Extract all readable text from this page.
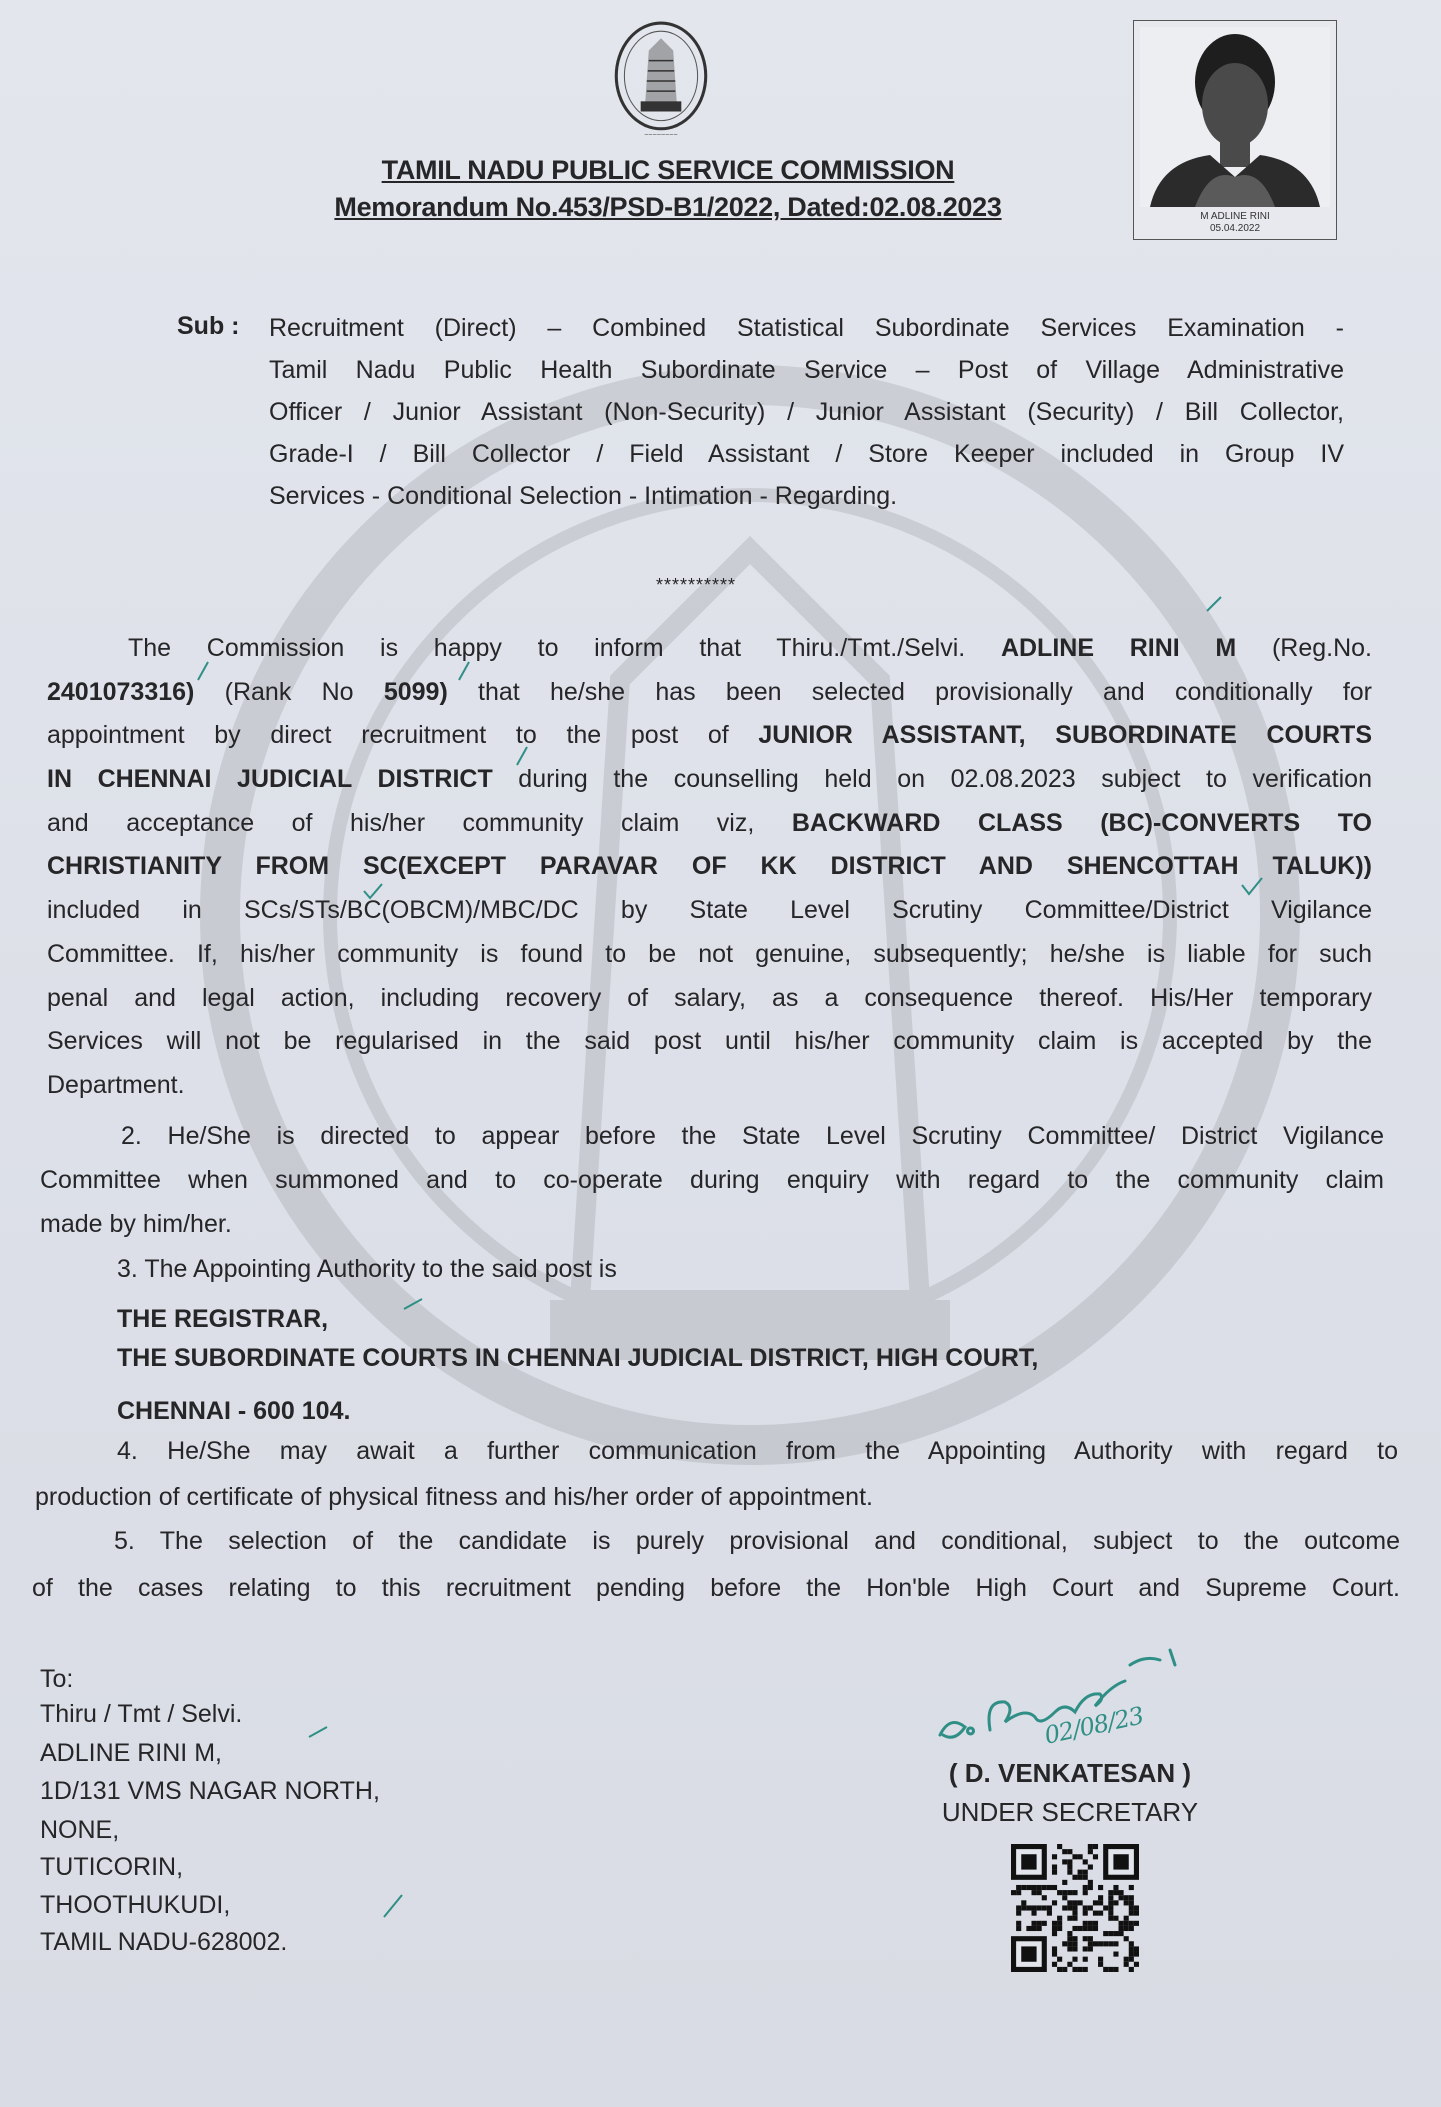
~~~~~~~~
TAMIL NADU PUBLIC SERVICE COMMISSION
Memorandum No.453/PSD-B1/2022, Dated:02.08.2023	M ADLINE RINI
05.04.2022
Sub : Recruitment (Direct) – Combined Statistical Subordinate Services Examination -
Tamil Nadu Public Health Subordinate Service – Post of Village Administrative
Officer / Junior Assistant (Non-Security) / Junior Assistant (Security) / Bill Collector,
Grade-I / Bill Collector / Field Assistant / Store Keeper included in Group IV
Services - Conditional Selection - Intimation - Regarding.
**********
The Commission is happy to inform that Thiru./Tmt./Selvi. ADLINE RINI M (Reg.No.
2401073316) (Rank No 5099) that he/she has been selected provisionally and conditionally for
appointment by direct recruitment to the post of JUNIOR ASSISTANT, SUBORDINATE COURTS
IN CHENNAI JUDICIAL DISTRICT during the counselling held on 02.08.2023 subject to verification
and acceptance of his/her community claim viz, BACKWARD CLASS (BC)-CONVERTS TO
CHRISTIANITY FROM SC(EXCEPT PARAVAR OF KK DISTRICT AND SHENCOTTAH TALUK))
included in SCs/STs/BC(OBCM)/MBC/DC by State Level Scrutiny Committee/District Vigilance
Committee. If, his/her community is found to be not genuine, subsequently; he/she is liable for such
penal and legal action, including recovery of salary, as a consequence thereof. His/Her temporary
Services will not be regularised in the said post until his/her community claim is accepted by the
Department.
2. He/She is directed to appear before the State Level Scrutiny Committee/ District Vigilance
Committee when summoned and to co-operate during enquiry with regard to the community claim
made by him/her.
3. The Appointing Authority to the said post is
THE REGISTRAR,
THE SUBORDINATE COURTS IN CHENNAI JUDICIAL DISTRICT, HIGH COURT,
CHENNAI - 600 104.
4. He/She may await a further communication from the Appointing Authority with regard to
production of certificate of physical fitness and his/her order of appointment.
5. The selection of the candidate is purely provisional and conditional, subject to the outcome
of the cases relating to this recruitment pending before the Hon'ble High Court and Supreme Court.
To:
Thiru / Tmt / Selvi.
ADLINE RINI M,
1D/131 VMS NAGAR NORTH,
NONE,
TUTICORIN,
THOOTHUKUDI,
TAMIL NADU-628002.
02/08/23
( D. VENKATESAN )
UNDER SECRETARY
